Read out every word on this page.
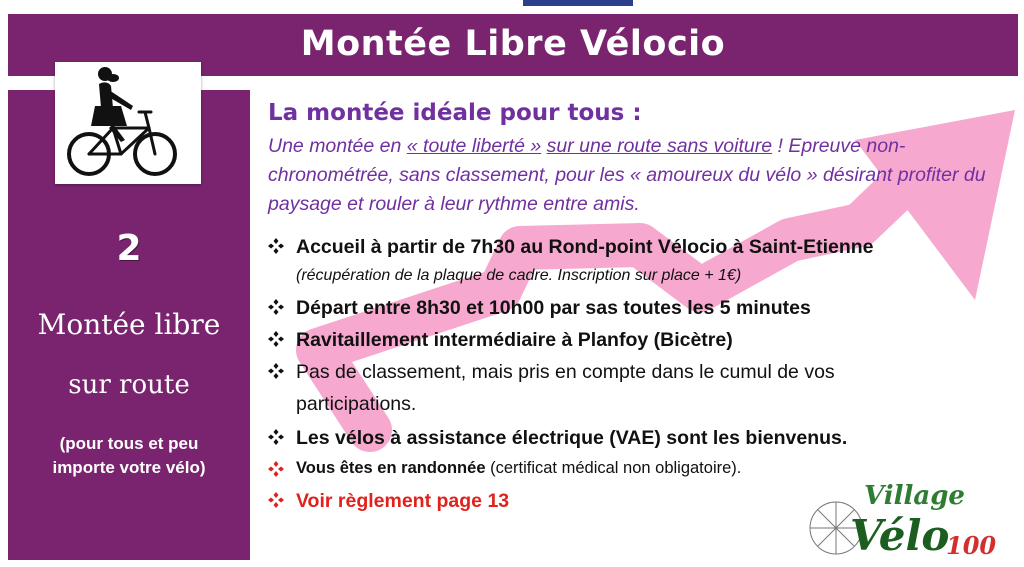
Montée Libre Vélocio
2
Montée libre
sur route
(pour tous et peu
importe votre vélo)
La montée idéale pour tous :
Une montée en « toute liberté » sur une route sans voiture ! Epreuve non-chronométrée, sans classement, pour les « amoureux du vélo » désirant profiter du paysage et rouler à leur rythme entre amis.
Accueil à partir de 7h30 au Rond-point Vélocio à Saint-Etienne
(récupération de la plaque de cadre. Inscription sur place + 1€)
Départ entre 8h30 et 10h00 par sas toutes les 5 minutes
Ravitaillement intermédiaire à Planfoy (Bicètre)
Pas de classement, mais pris en compte dans le cumul de vos
participations.
Les vélos à assistance électrique (VAE) sont les bienvenus.
Vous êtes en randonnée (certificat médical non obligatoire).
Voir règlement page 13	Village
Vélo
100
